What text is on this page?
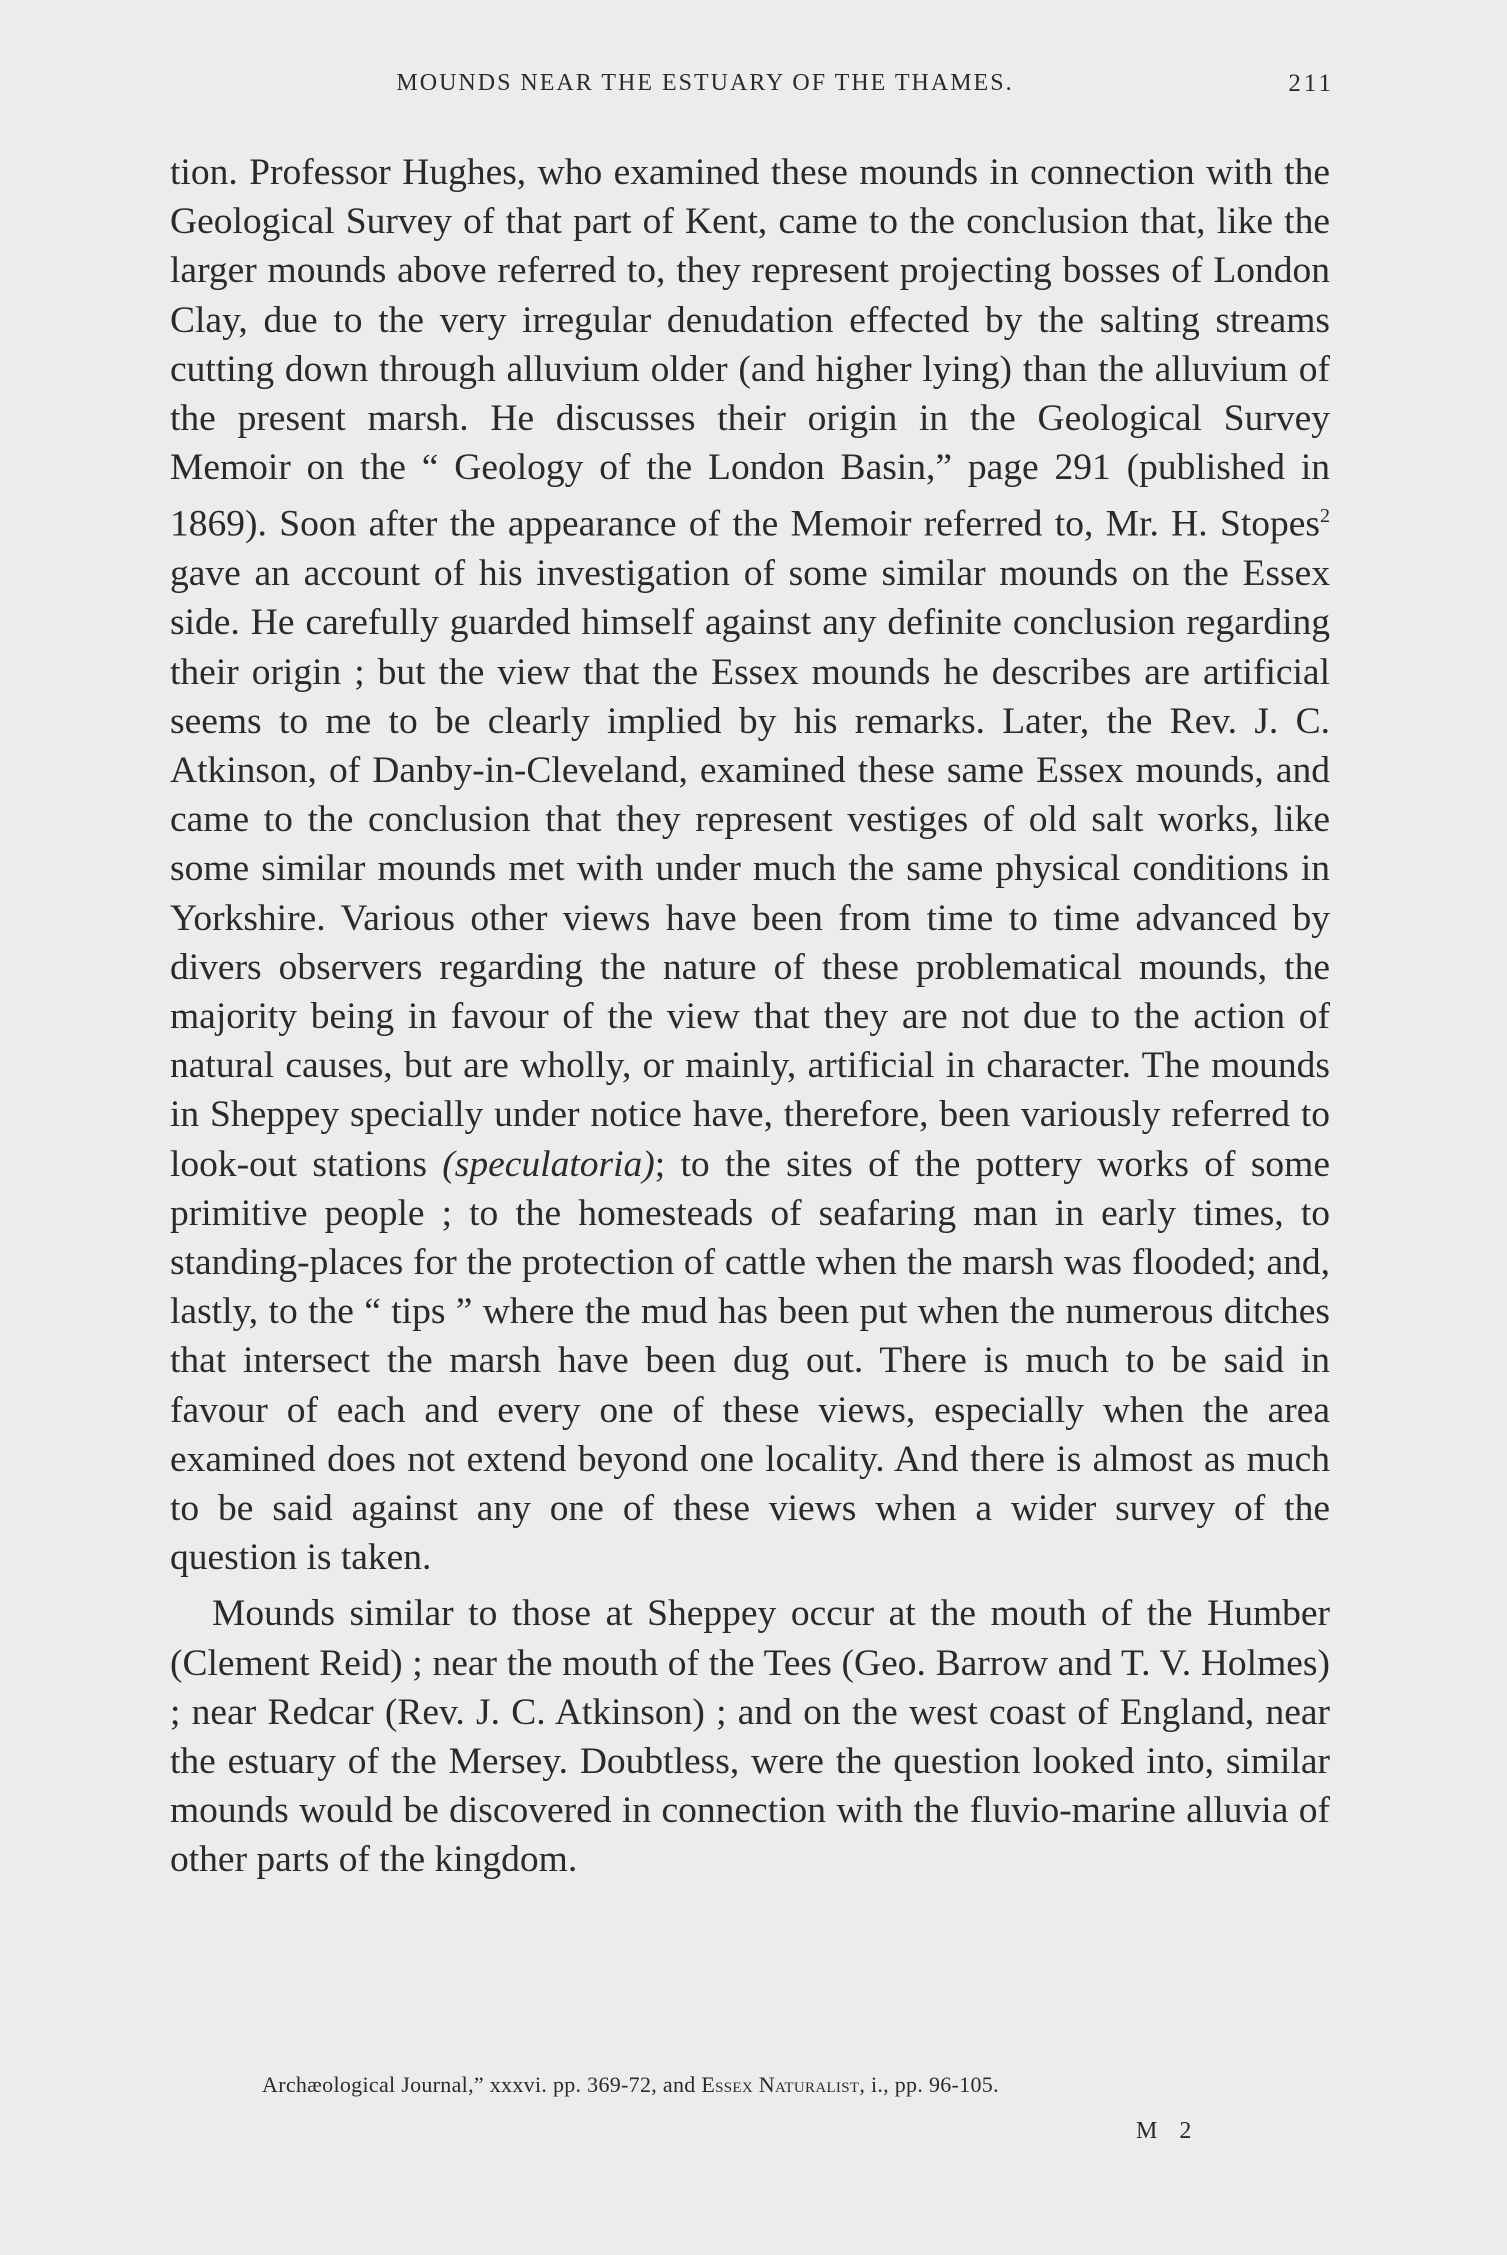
MOUNDS NEAR THE ESTUARY OF THE THAMES.	211

tion. Professor Hughes, who examined these mounds in connection with the Geological Survey of that part of Kent, came to the conclusion that, like the larger mounds above referred to, they represent projecting bosses of London Clay, due to the very irregular denudation effected by the salting streams cutting down through alluvium older (and higher lying) than the alluvium of the present marsh. He discusses their origin in the Geological Survey Memoir on the “ Geology of the London Basin,” page 291 (published in 1869). Soon after the appearance of the Memoir referred to, Mr. H. Stopes$^2$ gave an account of his investigation of some similar mounds on the Essex side. He carefully guarded himself against any definite conclusion regarding their origin ; but the view that the Essex mounds he describes are artificial seems to me to be clearly implied by his remarks. Later, the Rev. J. C. Atkinson, of Danby-in-Cleveland, examined these same Essex mounds, and came to the conclusion that they represent vestiges of old salt works, like some similar mounds met with under much the same physical conditions in Yorkshire. Various other views have been from time to time advanced by divers observers regarding the nature of these problematical mounds, the majority being in favour of the view that they are not due to the action of natural causes, but are wholly, or mainly, artificial in character. The mounds in Sheppey specially under notice have, therefore, been variously referred to look-out stations (speculatoria); to the sites of the pottery works of some primitive people ; to the homesteads of seafaring man in early times, to standing-places for the protection of cattle when the marsh was flooded; and, lastly, to the “ tips ” where the mud has been put when the numerous ditches that intersect the marsh have been dug out. There is much to be said in favour of each and every one of these views, especially when the area examined does not extend beyond one locality. And there is almost as much to be said against any one of these views when a wider survey of the question is taken.

Mounds similar to those at Sheppey occur at the mouth of the Humber (Clement Reid) ; near the mouth of the Tees (Geo. Barrow and T. V. Holmes) ; near Redcar (Rev. J. C. Atkinson) ; and on the west coast of England, near the estuary of the Mersey. Doubtless, were the question looked into, similar mounds would be discovered in connection with the fluvio-marine alluvia of other parts of the kingdom.

Archæological Journal,” xxxvi. pp. 369-72, and Essex Naturalist, i., pp. 96-105.
M 2
